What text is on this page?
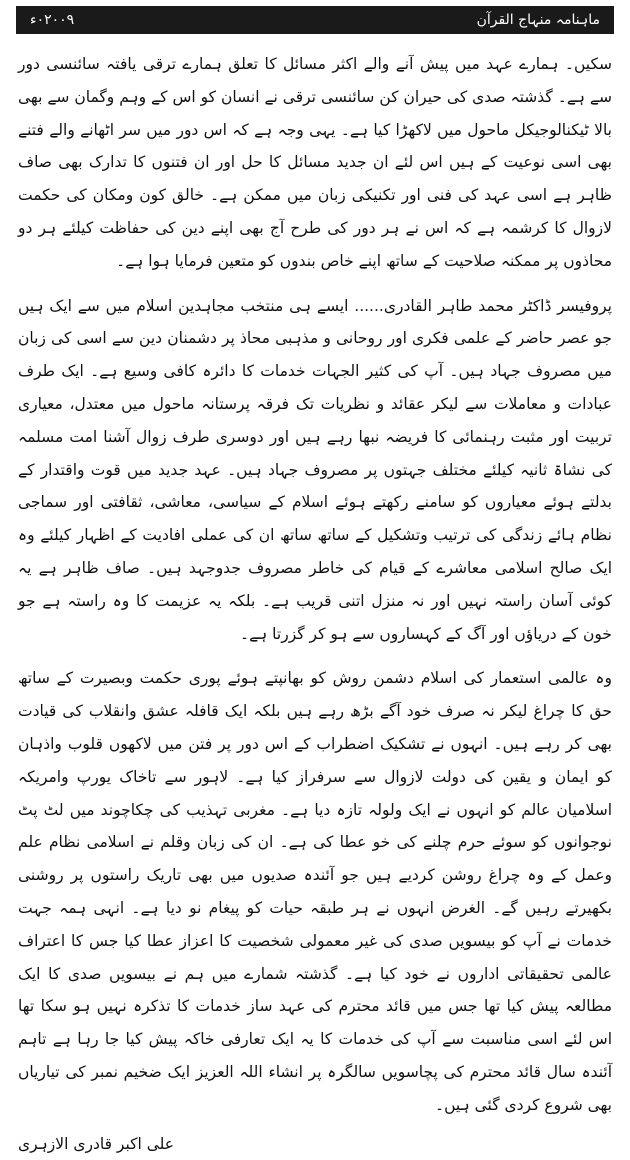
ماہنامہ منہاج القرآن
٠٢٠٠٩ء

سکیں۔ ہمارے عہد میں پیش آنے والے اکثر مسائل کا تعلق ہمارے ترقی یافتہ سائنسی دور سے ہے۔ گذشتہ صدی کی حیران کن سائنسی ترقی نے انسان کو اس کے وہم وگمان سے بھی بالا ٹیکنالوجیکل ماحول میں لاکھڑا کیا ہے۔ یہی وجہ ہے کہ اس دور میں سر اٹھانے والے فتنے بھی اسی نوعیت کے ہیں اس لئے ان جدید مسائل کا حل اور ان فتنوں کا تدارک بھی صاف ظاہر ہے اسی عہد کی فنی اور تکنیکی زبان میں ممکن ہے۔ خالق کون ومکان کی حکمت لازوال کا کرشمہ ہے کہ اس نے ہر دور کی طرح آج بھی اپنے دین کی حفاظت کیلئے ہر دو محاذوں پر ممکنہ صلاحیت کے ساتھ اپنے خاص بندوں کو متعین فرمایا ہوا ہے۔

پروفیسر ڈاکٹر محمد طاہر القادری...... ایسے ہی منتخب مجاہدین اسلام میں سے ایک ہیں جو عصر حاضر کے علمی فکری اور روحانی و مذہبی محاذ پر دشمنان دین سے اسی کی زبان میں مصروف جہاد ہیں۔ آپ کی کثیر الجہات خدمات کا دائرہ کافی وسیع ہے۔ ایک طرف عبادات و معاملات سے لیکر عقائد و نظریات تک فرقہ پرستانہ ماحول میں معتدل، معیاری تربیت اور مثبت رہنمائی کا فریضہ نبھا رہے ہیں اور دوسری طرف زوال آشنا امت مسلمہ کی نشاۃ ثانیہ کیلئے مختلف جہتوں پر مصروف جہاد ہیں۔ عہد جدید میں قوت واقتدار کے بدلتے ہوئے معیاروں کو سامنے رکھتے ہوئے اسلام کے سیاسی، معاشی، ثقافتی اور سماجی نظام ہائے زندگی کی ترتیب وتشکیل کے ساتھ ساتھ ان کی عملی افادیت کے اظہار کیلئے وہ ایک صالح اسلامی معاشرے کے قیام کی خاطر مصروف جدوجہد ہیں۔ صاف ظاہر ہے یہ کوئی آسان راستہ نہیں اور نہ منزل اتنی قریب ہے۔ بلکہ یہ عزیمت کا وہ راستہ ہے جو خون کے دریاؤں اور آگ کے کہساروں سے ہو کر گزرتا ہے۔

وہ عالمی استعمار کی اسلام دشمن روش کو بھانپتے ہوئے پوری حکمت وبصیرت کے ساتھ حق کا چراغ لیکر نہ صرف خود آگے بڑھ رہے ہیں بلکہ ایک قافلہ عشق وانقلاب کی قیادت بھی کر رہے ہیں۔ انہوں نے تشکیک اضطراب کے اس دور پر فتن میں لاکھوں قلوب واذہان کو ایمان و یقین کی دولت لازوال سے سرفراز کیا ہے۔ لاہور سے تاخاک یورپ وامریکہ اسلامیان عالم کو انہوں نے ایک ولولہ تازہ دیا ہے۔ مغربی تہذیب کی چکاچوند میں لٹ پٹ نوجوانوں کو سوئے حرم چلنے کی خو عطا کی ہے۔ ان کی زبان وقلم نے اسلامی نظام علم وعمل کے وہ چراغ روشن کردیے ہیں جو آئندہ صدیوں میں بھی تاریک راستوں پر روشنی بکھیرتے رہیں گے۔ الغرض انہوں نے ہر طبقہ حیات کو پیغام نو دیا ہے۔ انہی ہمہ جہت خدمات نے آپ کو بیسویں صدی کی غیر معمولی شخصیت کا اعزاز عطا کیا جس کا اعتراف عالمی تحقیقاتی اداروں نے خود کیا ہے۔ گذشتہ شمارے میں ہم نے بیسویں صدی کا ایک مطالعہ پیش کیا تھا جس میں قائد محترم کی عہد ساز خدمات کا تذکرہ نہیں ہو سکا تھا اس لئے اسی مناسبت سے آپ کی خدمات کا یہ ایک تعارفی خاکہ پیش کیا جا رہا ہے تاہم آئندہ سال قائد محترم کی پچاسویں سالگرہ پر انشاء اللہ العزیز ایک ضخیم نمبر کی تیاریاں بھی شروع کردی گئی ہیں۔

علی اکبر قادری الازہری
